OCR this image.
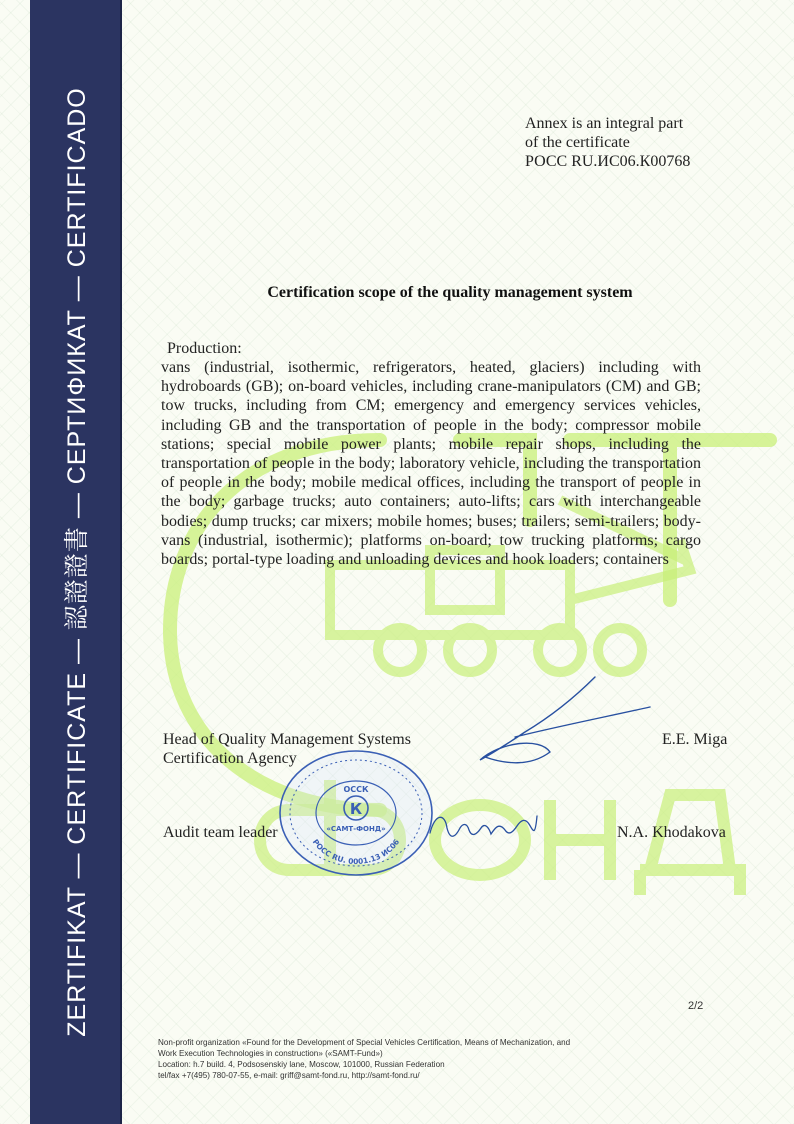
ZERTIFIKAT — CERTIFICATE — 認證證書 — СЕРТИФИКАТ — CERTIFICADO	Annex is an integral part
of the certificate
РОСС RU.ИС06.К00768
Certification scope of the quality management system
Production:
vans (industrial, isothermic, refrigerators, heated, glaciers) including with hydroboards (GB); on-board vehicles, including crane-manipulators (CM) and GB; tow trucks, including from CM; emergency and emergency services vehicles, including GB and the transportation of people in the body; compressor mobile stations; special mobile power plants; mobile repair shops, including the transportation of people in the body; laboratory vehicle, including the transportation of people in the body; mobile medical offices, including the transport of people in the body; garbage trucks; auto containers; auto-lifts; cars with interchangeable bodies; dump trucks; car mixers; mobile homes; buses; trailers; semi-trailers; body-vans (industrial, isothermic); platforms on-board; tow trucking platforms; cargo boards; portal-type loading and unloading devices and hook loaders; containers
Head of Quality Management Systems
Certification Agency
E.E. Miga
Audit team leader	N.A. Khodakova
К
ОССК
«САМТ-ФОНД»
РОСС RU. 0001.13 ИС06
2/2
Non-profit organization «Found for the Development of Special Vehicles Certification, Means of Mechanization, and
Work Execution Technologies in construction» («SAMT-Fund»)
Location: h.7 build. 4, Podsosenskiy lane, Moscow, 101000, Russian Federation
tel/fax +7(495) 780-07-55, e-mail: griff@samt-fond.ru, http://samt-fond.ru/
